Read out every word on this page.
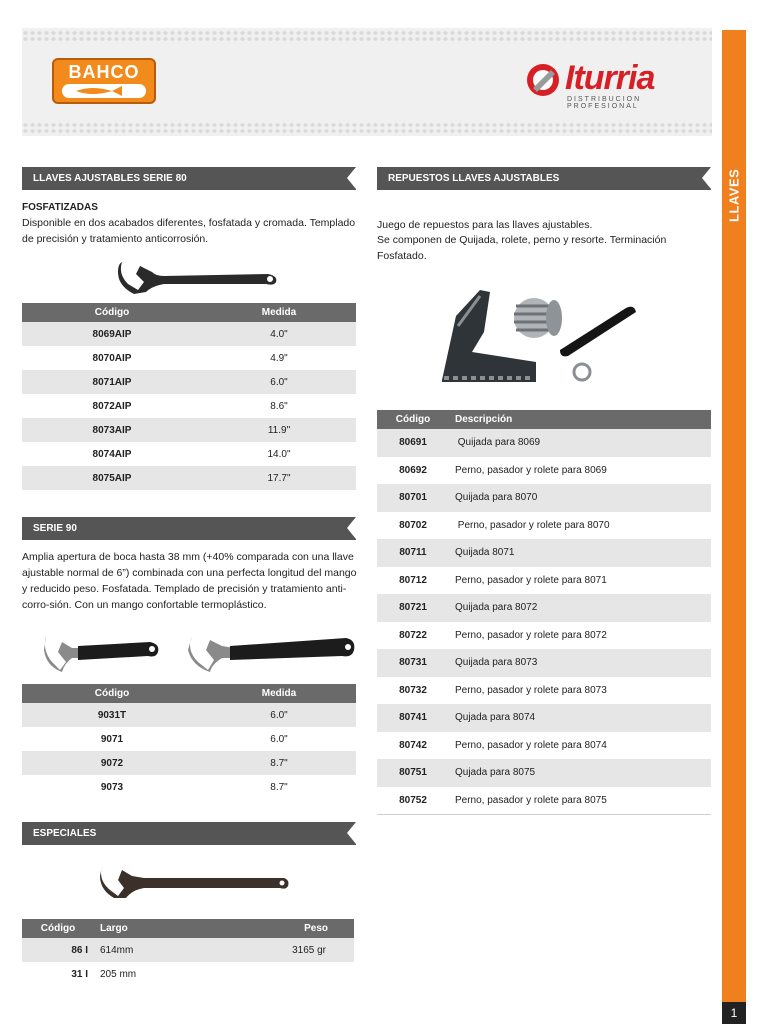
BAHCO	Iturria
DISTRIBUCION PROFESIONAL
LLAVES
1
LLAVES AJUSTABLES SERIE 80
FOSFATIZADAS
Disponible en dos acabados diferentes, fosfatada y cromada. Templado de precisión y tratamiento anticorrosión.
Código	Medida
8069AIP	4.0"
8070AIP	4.9"
8071AIP	6.0"
8072AIP	8.6"
8073AIP	11.9"
8074AIP	14.0"
8075AIP	17.7"
SERIE 90
Amplia apertura de boca hasta 38 mm (+40% comparada con una llave ajustable normal de 6”) combinada con una perfecta longitud del mango y reducido peso. Fosfatada. Templado de precisión y tratamiento anti-corro-sión. Con un mango confortable termoplástico.
Código	Medida
9031T	6.0"
9071	6.0"
9072	8.7"
9073	8.7"
ESPECIALES
Código	Largo	Peso
86 I	614mm	3165 gr
31 I	205 mm	
REPUESTOS LLAVES AJUSTABLES
Juego de repuestos para las llaves ajustables.
Se componen de Quijada, rolete, perno y resorte. Terminación Fosfatado.
Código	Descripción
80691	Quijada para 8069
80692	Perno, pasador y rolete para 8069
80701	Quijada para 8070
80702	Perno, pasador y rolete para 8070
80711	Quijada 8071
80712	Perno, pasador y rolete para 8071
80721	Quijada para 8072
80722	Perno, pasador y rolete para 8072
80731	Quijada para 8073
80732	Perno, pasador y rolete para 8073
80741	Qujada para 8074
80742	Perno, pasador y rolete para 8074
80751	Qujada para 8075
80752	Perno, pasador y rolete para 8075
